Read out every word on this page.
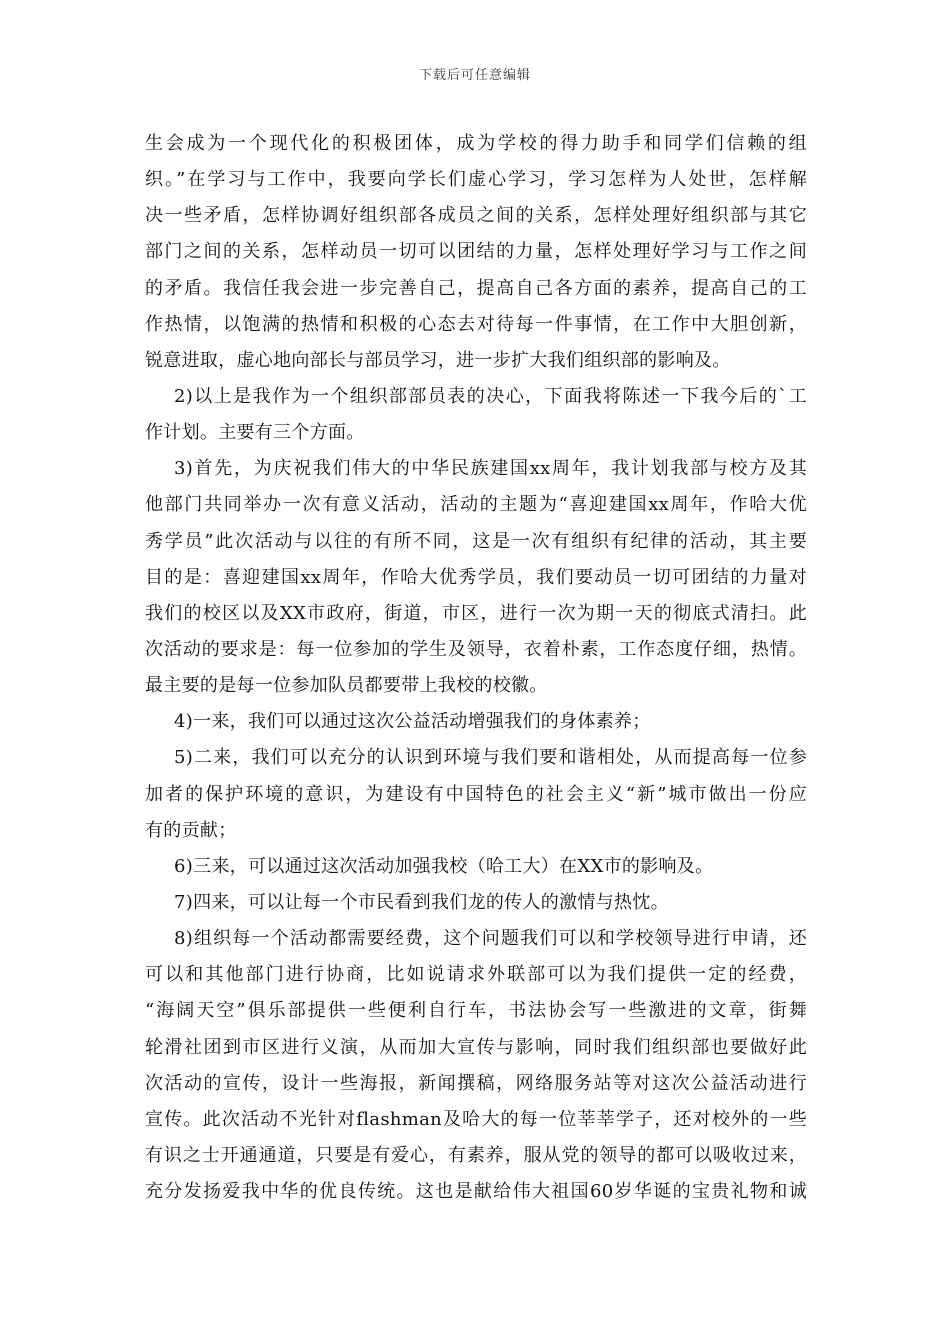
下载后可任意编辑
生会成为一个现代化的积极团体，成为学校的得力助手和同学们信赖的组
织。”在学习与工作中，我要向学长们虚心学习，学习怎样为人处世，怎样解
决一些矛盾，怎样协调好组织部各成员之间的关系，怎样处理好组织部与其它
部门之间的关系，怎样动员一切可以团结的力量，怎样处理好学习与工作之间
的矛盾。我信任我会进一步完善自己，提高自己各方面的素养，提高自己的工
作热情，以饱满的热情和积极的心态去对待每一件事情，在工作中大胆创新，
锐意进取，虚心地向部长与部员学习，进一步扩大我们组织部的影响及。
2)以上是我作为一个组织部部员表的决心，下面我将陈述一下我今后的`工
作计划。主要有三个方面。
3)首先，为庆祝我们伟大的中华民族建国xx周年，我计划我部与校方及其
他部门共同举办一次有意义活动，活动的主题为“喜迎建国xx周年，作哈大优
秀学员”此次活动与以往的有所不同，这是一次有组织有纪律的活动，其主要
目的是：喜迎建国xx周年，作哈大优秀学员，我们要动员一切可团结的力量对
我们的校区以及XX市政府，街道，市区，进行一次为期一天的彻底式清扫。此
次活动的要求是：每一位参加的学生及领导，衣着朴素，工作态度仔细，热情。
最主要的是每一位参加队员都要带上我校的校徽。
4)一来，我们可以通过这次公益活动增强我们的身体素养；
5)二来，我们可以充分的认识到环境与我们要和谐相处，从而提高每一位参
加者的保护环境的意识，为建设有中国特色的社会主义“新”城市做出一份应
有的贡献；
6)三来，可以通过这次活动加强我校（哈工大）在XX市的影响及。
7)四来，可以让每一个市民看到我们龙的传人的激情与热忱。
8)组织每一个活动都需要经费，这个问题我们可以和学校领导进行申请，还
可以和其他部门进行协商，比如说请求外联部可以为我们提供一定的经费，
“海阔天空”俱乐部提供一些便利自行车，书法协会写一些激进的文章，街舞
轮滑社团到市区进行义演，从而加大宣传与影响，同时我们组织部也要做好此
次活动的宣传，设计一些海报，新闻撰稿，网络服务站等对这次公益活动进行
宣传。此次活动不光针对flashman及哈大的每一位莘莘学子，还对校外的一些
有识之士开通通道，只要是有爱心，有素养，服从党的领导的都可以吸收过来，
充分发扬爱我中华的优良传统。这也是献给伟大祖国60岁华诞的宝贵礼物和诚
